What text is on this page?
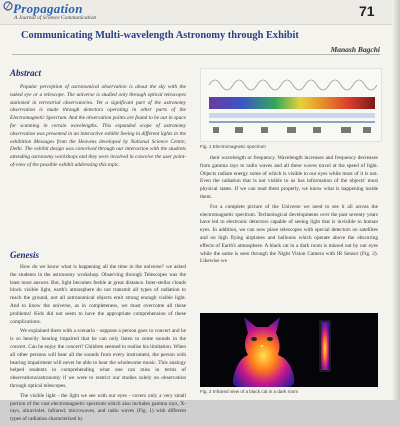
Propagation
A Journal of Science Communication	71
Communicating Multi-wavelength Astronomy through Exhibit
Manash Bagchi
Abstract

Popular perception of astronomical observation is about the sky with the naked eye or a telescope. The universe is studied only through optical telescopes stationed in terrestrial observatories. Yet a significant part of the astronomy observation is made through detectors operating in other parts of the Electromagnetic Spectrum. And the observation points are found to be out in space for scanning in certain wavelengths. This expanded scope of astronomy observation was presented in an interactive exhibit Seeing in different lights in the exhibition Messages from the Heavens developed by National Science Centre, Delhi. The exhibit design was conceived through our interaction with the students attending astronomy workshops and they were involved in conceive the user point-of-view of the possible exhibit addressing this topic.

Genesis

How do we know what is happening all the time in the universe? we asked the students in the astronomy workshop. Observing through Telescopes was the least most answer. But, light becomes feeble at great distance. Inter-stellar clouds block visible light, earth's atmosphere do not transmit all types of radiation to reach the ground, not all astronomical objects emit strong enough visible light. And to know the universe, as in completeness, we must overcome all these problems! Kids did not seem to have the appropriate comprehension of these complications.

We explained them with a scenario - suppose a person goes to concert and he is so heavily hearing impaired that he can only listen to some sounds in the concert. Can he enjoy the concert? Children seemed to realise his limitation. When all other persons will hear all the sounds from every instrument, the person with hearing impairment will never be able to hear the wholesome music. This analogy helped students in comprehending what one can miss in terms of observations/astronomy if we were to restrict our studies solely on observation through optical telescopes.

The visible light - the light we see with our eyes - covers only a very small portion of the vast electromagnetic spectrum which also includes gamma rays, X-rays, ultraviolet, infrared, microwaves, and radio waves (Fig. 1) with different types of radiation characterised by

Fig. 1 Electromagnetic spectrum

their wavelength or frequency. Wavelength increases and frequency decreases from gamma rays to radio waves and all these waves travel at the speed of light. Objects radiate energy some of which is visible to our eyes while most of it is not. Even the radiation that is not visible to us has information of the objects' most physical states. If we can read them properly, we know what is happening inside them.

For a complete picture of the Universe we need to see it all across the electromagnetic spectrum. Technological developments over the past seventy years have led to electronic detectors capable of seeing light that is invisible to human eyes. In addition, we can now place telescopes with special detectors on satellites and on high flying airplanes and balloons which operate above the obscuring effects of Earth's atmosphere. A black cat in a dark room is missed out by our eyes while the same is seen through the Night Vision Camera with IR Sensor (Fig. 2). Likewise we

Fig. 2 Infrared view of a black cat in a dark room
